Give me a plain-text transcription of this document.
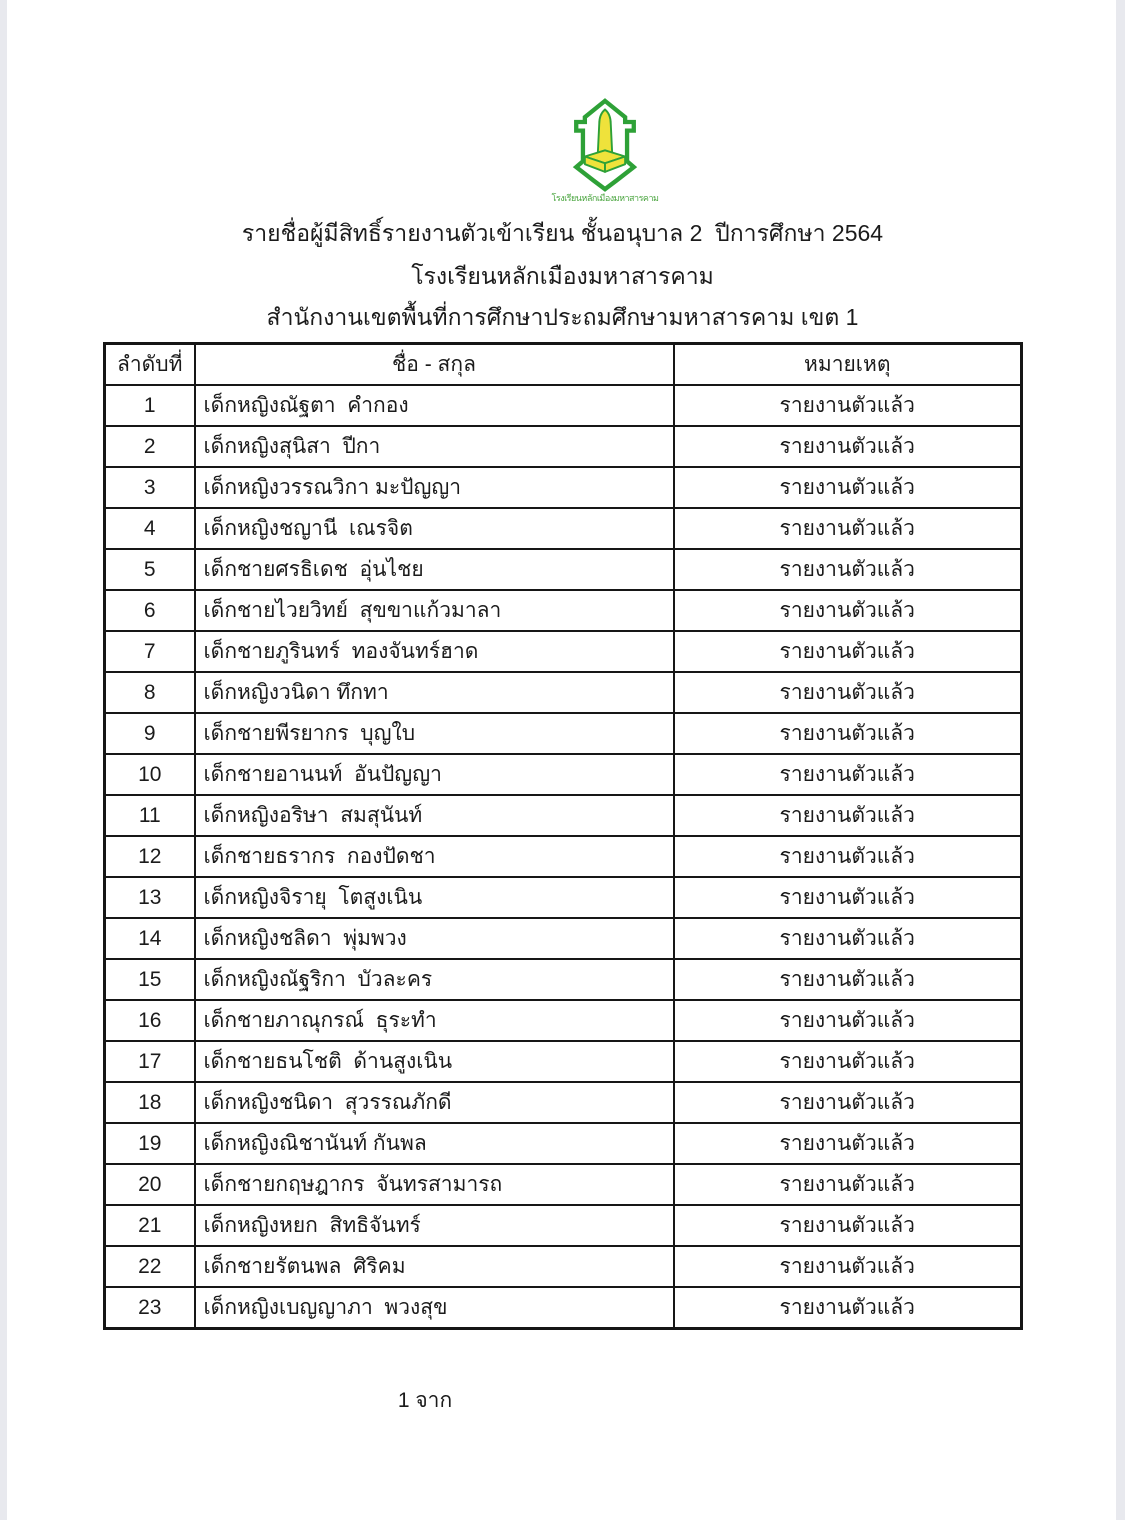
โรงเรียนหลักเมืองมหาสารคาม
รายชื่อผู้มีสิทธิ์รายงานตัวเข้าเรียน ชั้นอนุบาล 2  ปีการศึกษา 2564
โรงเรียนหลักเมืองมหาสารคาม
สำนักงานเขตพื้นที่การศึกษาประถมศึกษามหาสารคาม เขต 1
ลำดับที่	ชื่อ - สกุล	หมายเหตุ
1	เด็กหญิงณัฐตา  คำกอง	รายงานตัวแล้ว
2	เด็กหญิงสุนิสา  ปีกา	รายงานตัวแล้ว
3	เด็กหญิงวรรณวิกา มะปัญญา	รายงานตัวแล้ว
4	เด็กหญิงชญานี  เณรจิต	รายงานตัวแล้ว
5	เด็กชายศรธิเดช  อุ่นไชย	รายงานตัวแล้ว
6	เด็กชายไวยวิทย์  สุขขาแก้วมาลา	รายงานตัวแล้ว
7	เด็กชายภูรินทร์  ทองจันทร์ฮาด	รายงานตัวแล้ว
8	เด็กหญิงวนิดา ทึกทา	รายงานตัวแล้ว
9	เด็กชายพีรยากร  บุญใบ	รายงานตัวแล้ว
10	เด็กชายอานนท์  อันปัญญา	รายงานตัวแล้ว
11	เด็กหญิงอริษา  สมสุนันท์	รายงานตัวแล้ว
12	เด็กชายธรากร  กองปัดชา	รายงานตัวแล้ว
13	เด็กหญิงจิรายุ  โตสูงเนิน	รายงานตัวแล้ว
14	เด็กหญิงชลิดา  พุ่มพวง	รายงานตัวแล้ว
15	เด็กหญิงณัฐริกา  บัวละคร	รายงานตัวแล้ว
16	เด็กชายภาณุกรณ์  ธุระทำ	รายงานตัวแล้ว
17	เด็กชายธนโชติ  ด้านสูงเนิน	รายงานตัวแล้ว
18	เด็กหญิงชนิดา  สุวรรณภักดี	รายงานตัวแล้ว
19	เด็กหญิงณิชานันท์ กันพล	รายงานตัวแล้ว
20	เด็กชายกฤษฎากร  จันทรสามารถ	รายงานตัวแล้ว
21	เด็กหญิงหยก  สิทธิจันทร์	รายงานตัวแล้ว
22	เด็กชายรัตนพล  ศิริคม	รายงานตัวแล้ว
23	เด็กหญิงเบญญาภา  พวงสุข	รายงานตัวแล้ว
1 จาก
